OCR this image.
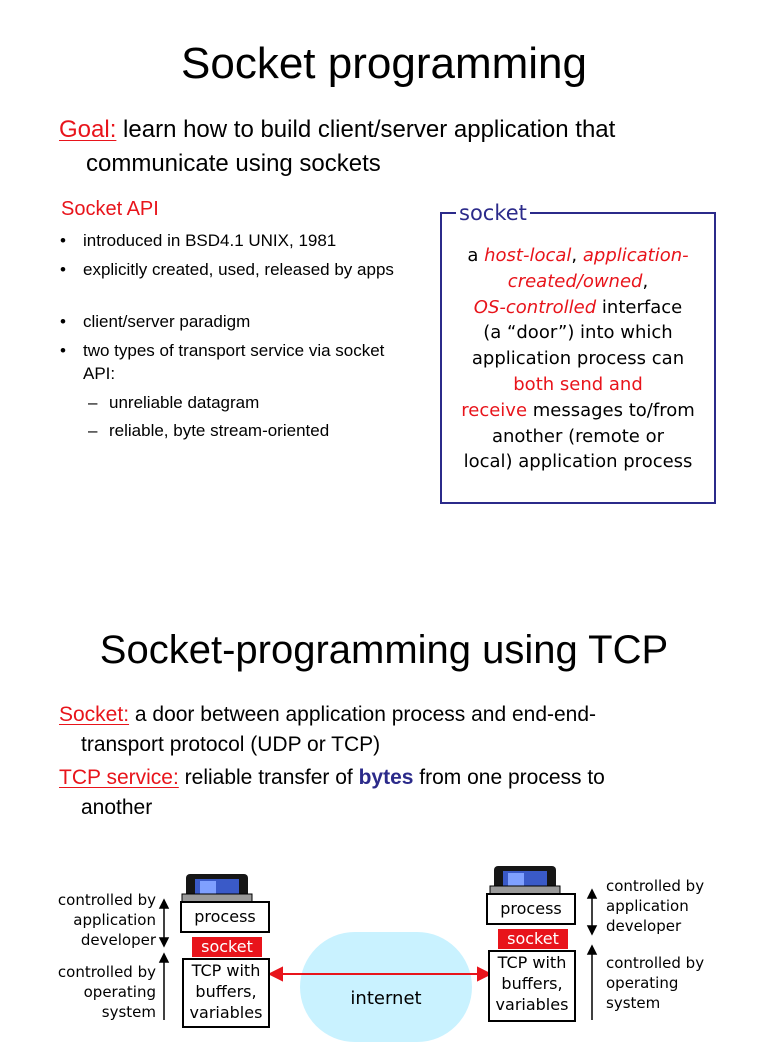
Socket programming
Goal: learn how to build client/server application that
communicate using sockets
Socket API
•	introduced in BSD4.1 UNIX, 1981
•	explicitly created, used, released by apps
•	client/server paradigm
•	two types of transport service via socket API:
– unreliable datagram
– reliable, byte stream-oriented
socket
a host-local, application-
created/owned,
OS-controlled interface
(a “door”) into which
application process can
both send and
receive messages to/from
another (remote or
local) application process
Socket-programming using TCP
Socket: a door between application process and end-end-
transport protocol (UDP or TCP)
TCP service: reliable transfer of bytes from one process to
another
controlled by
application
developer
controlled by
operating
system
process
socket
TCP with
buffers,
variables
process
socket
TCP with
buffers,
variables
controlled by
application
developer
controlled by
operating
system
internet
